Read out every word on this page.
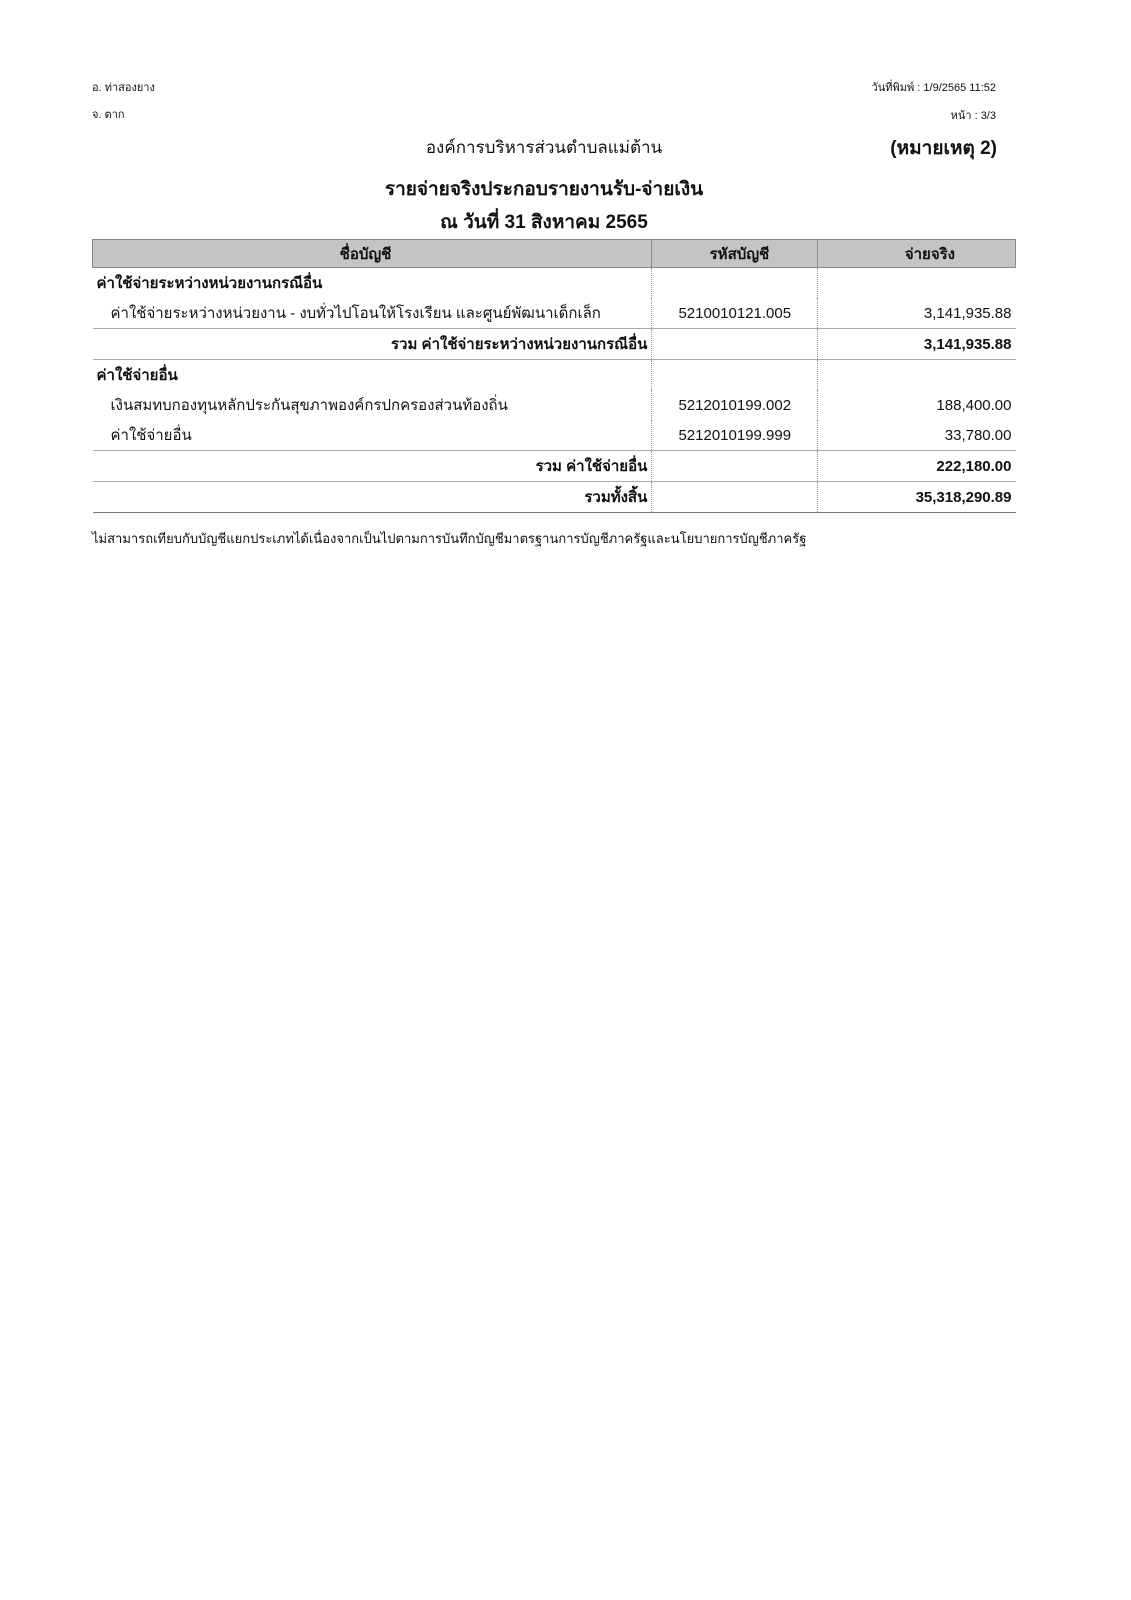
อ. ท่าสองยาง
จ. ตาก
วันที่พิมพ์ : 1/9/2565 11:52
หน้า : 3/3
องค์การบริหารส่วนตำบลแม่ต้าน	(หมายเหตุ 2)
รายจ่ายจริงประกอบรายงานรับ-จ่ายเงิน
ณ วันที่ 31 สิงหาคม 2565
ชื่อบัญชี	รหัสบัญชี	จ่ายจริง
ค่าใช้จ่ายระหว่างหน่วยงานกรณีอื่น		
ค่าใช้จ่ายระหว่างหน่วยงาน - งบทั่วไปโอนให้โรงเรียน และศูนย์พัฒนาเด็กเล็ก	5210010121.005	3,141,935.88
รวม ค่าใช้จ่ายระหว่างหน่วยงานกรณีอื่น		3,141,935.88
ค่าใช้จ่ายอื่น		
เงินสมทบกองทุนหลักประกันสุขภาพองค์กรปกครองส่วนท้องถิ่น	5212010199.002	188,400.00
ค่าใช้จ่ายอื่น	5212010199.999	33,780.00
รวม ค่าใช้จ่ายอื่น		222,180.00
รวมทั้งสิ้น		35,318,290.89
ไม่สามารถเทียบกับบัญชีแยกประเภทได้เนื่องจากเป็นไปตามการบันทึกบัญชีมาตรฐานการบัญชีภาครัฐและนโยบายการบัญชีภาครัฐ
